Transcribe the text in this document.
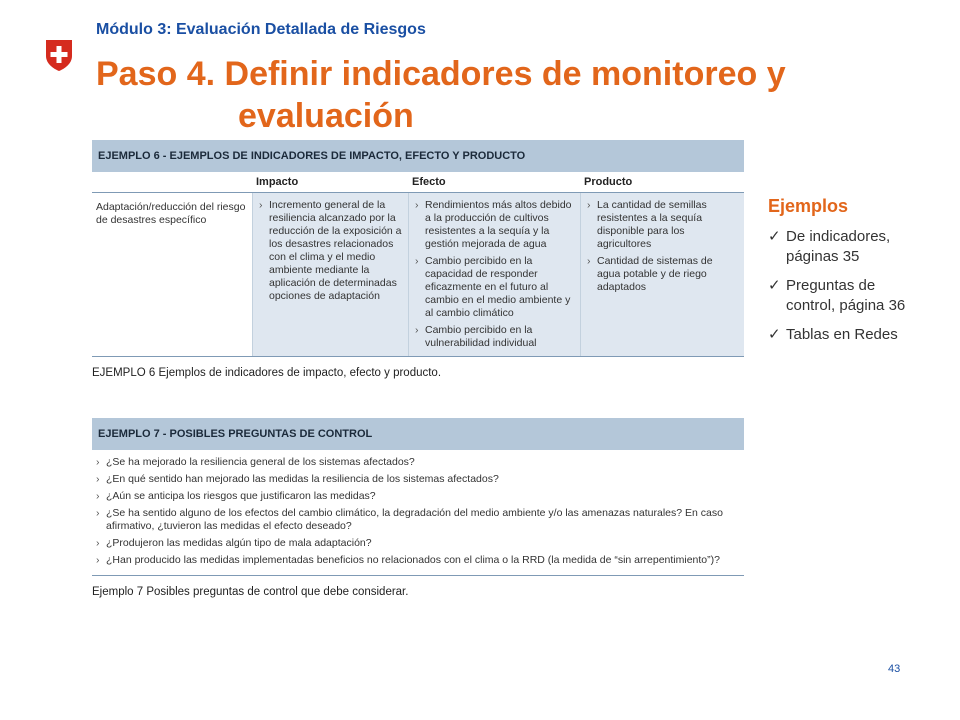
Módulo 3: Evaluación Detallada de Riesgos
Paso 4. Definir indicadores de monitoreo y
evaluación
EJEMPLO 6 - EJEMPLOS DE INDICADORES DE IMPACTO, EFECTO Y PRODUCTO
Impacto	Efecto	Producto
Adaptación/reducción del riesgo de desastres específico
› Incremento general de la resiliencia alcanzado por la reducción de la exposición a los desastres relacionados con el clima y el medio ambiente mediante la aplicación de determinadas opciones de adaptación
› Rendimientos más altos debido a la producción de cultivos resistentes a la sequía y la gestión mejorada de agua
› Cambio percibido en la capacidad de responder eficazmente en el futuro al cambio en el medio ambiente y al cambio climático
› Cambio percibido en la vulnerabilidad individual
› La cantidad de semillas resistentes a la sequía disponible para los agricultores
› Cantidad de sistemas de agua potable y de riego adaptados
EJEMPLO 6 Ejemplos de indicadores de impacto, efecto y producto.
EJEMPLO 7 - POSIBLES PREGUNTAS DE CONTROL
› ¿Se ha mejorado la resiliencia general de los sistemas afectados?
› ¿En qué sentido han mejorado las medidas la resiliencia de los sistemas afectados?
› ¿Aún se anticipa los riesgos que justificaron las medidas?
› ¿Se ha sentido alguno de los efectos del cambio climático, la degradación del medio ambiente y/o las amenazas naturales? En caso afirmativo, ¿tuvieron las medidas el efecto deseado?
› ¿Produjeron las medidas algún tipo de mala adaptación?
› ¿Han producido las medidas implementadas beneficios no relacionados con el clima o la RRD (la medida de “sin arrepentimiento”)?
Ejemplo 7 Posibles preguntas de control que debe considerar.
Ejemplos
✓ De indicadores, páginas 35
✓ Preguntas de control, página 36
✓ Tablas en Redes
43
